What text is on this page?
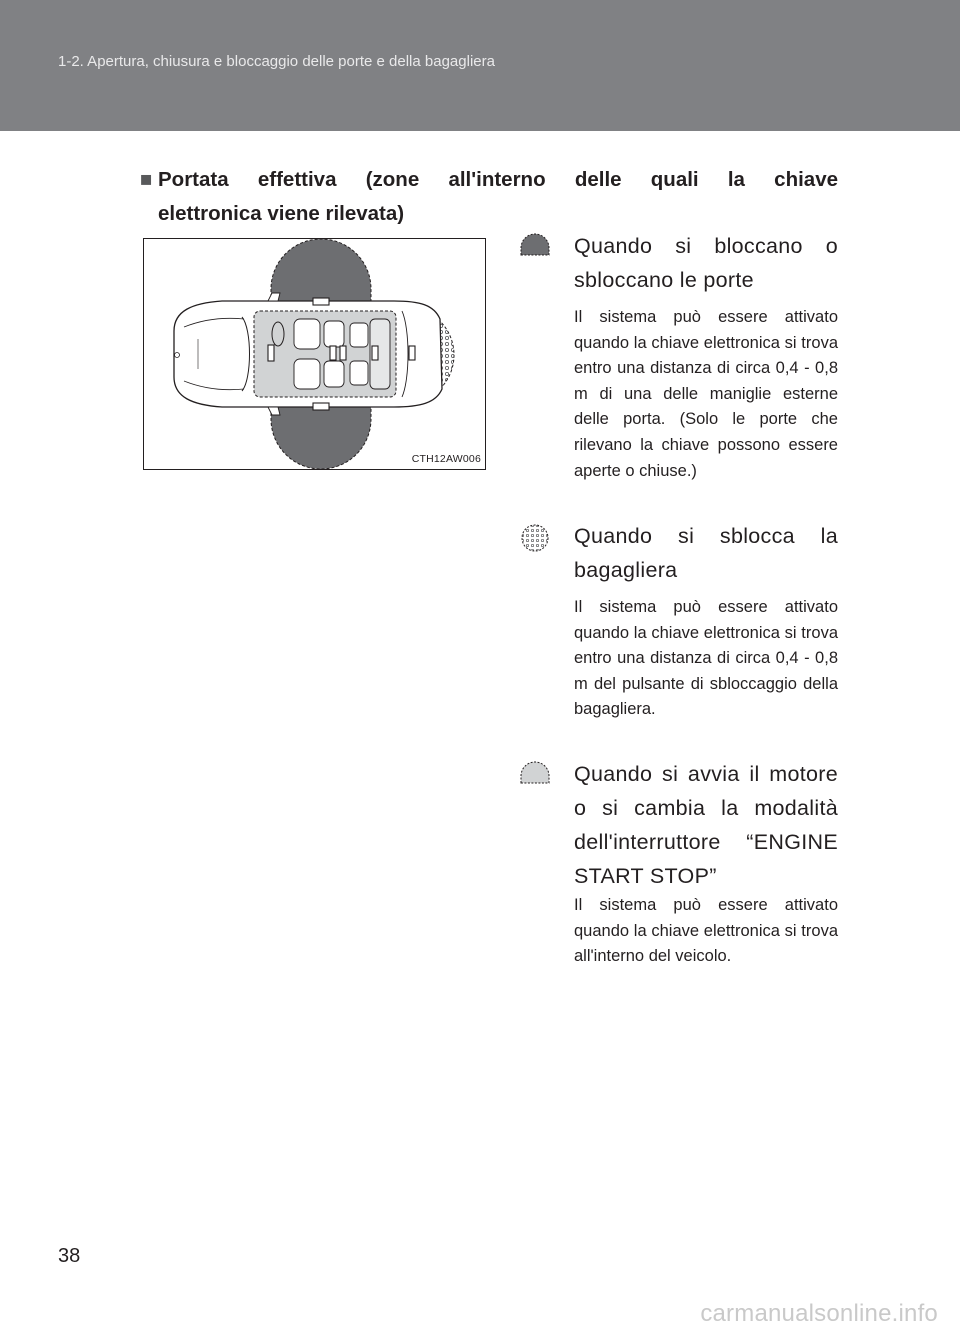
1-2. Apertura, chiusura e bloccaggio delle porte e della bagagliera
■ Portata effettiva (zone all'interno delle quali la chiave
elettronica viene rilevata)
CTH12AW006
Quando si bloccano o sbloccano le porte
Il sistema può essere attivato quando la chiave elettronica si trova entro una distanza di circa 0,4 - 0,8 m di una delle maniglie esterne delle porta. (Solo le porte che rilevano la chiave possono essere aperte o chiuse.)
Quando si sblocca la bagagliera
Il sistema può essere attivato quando la chiave elettronica si trova entro una distanza di circa 0,4 - 0,8 m del pulsante di sbloccaggio della bagagliera.
Quando si avvia il motore o si cambia la modalità dell'interruttore “ENGINE START STOP”
Il sistema può essere attivato quando la chiave elettronica si trova all'interno del veicolo.
38
carmanualsonline.info
